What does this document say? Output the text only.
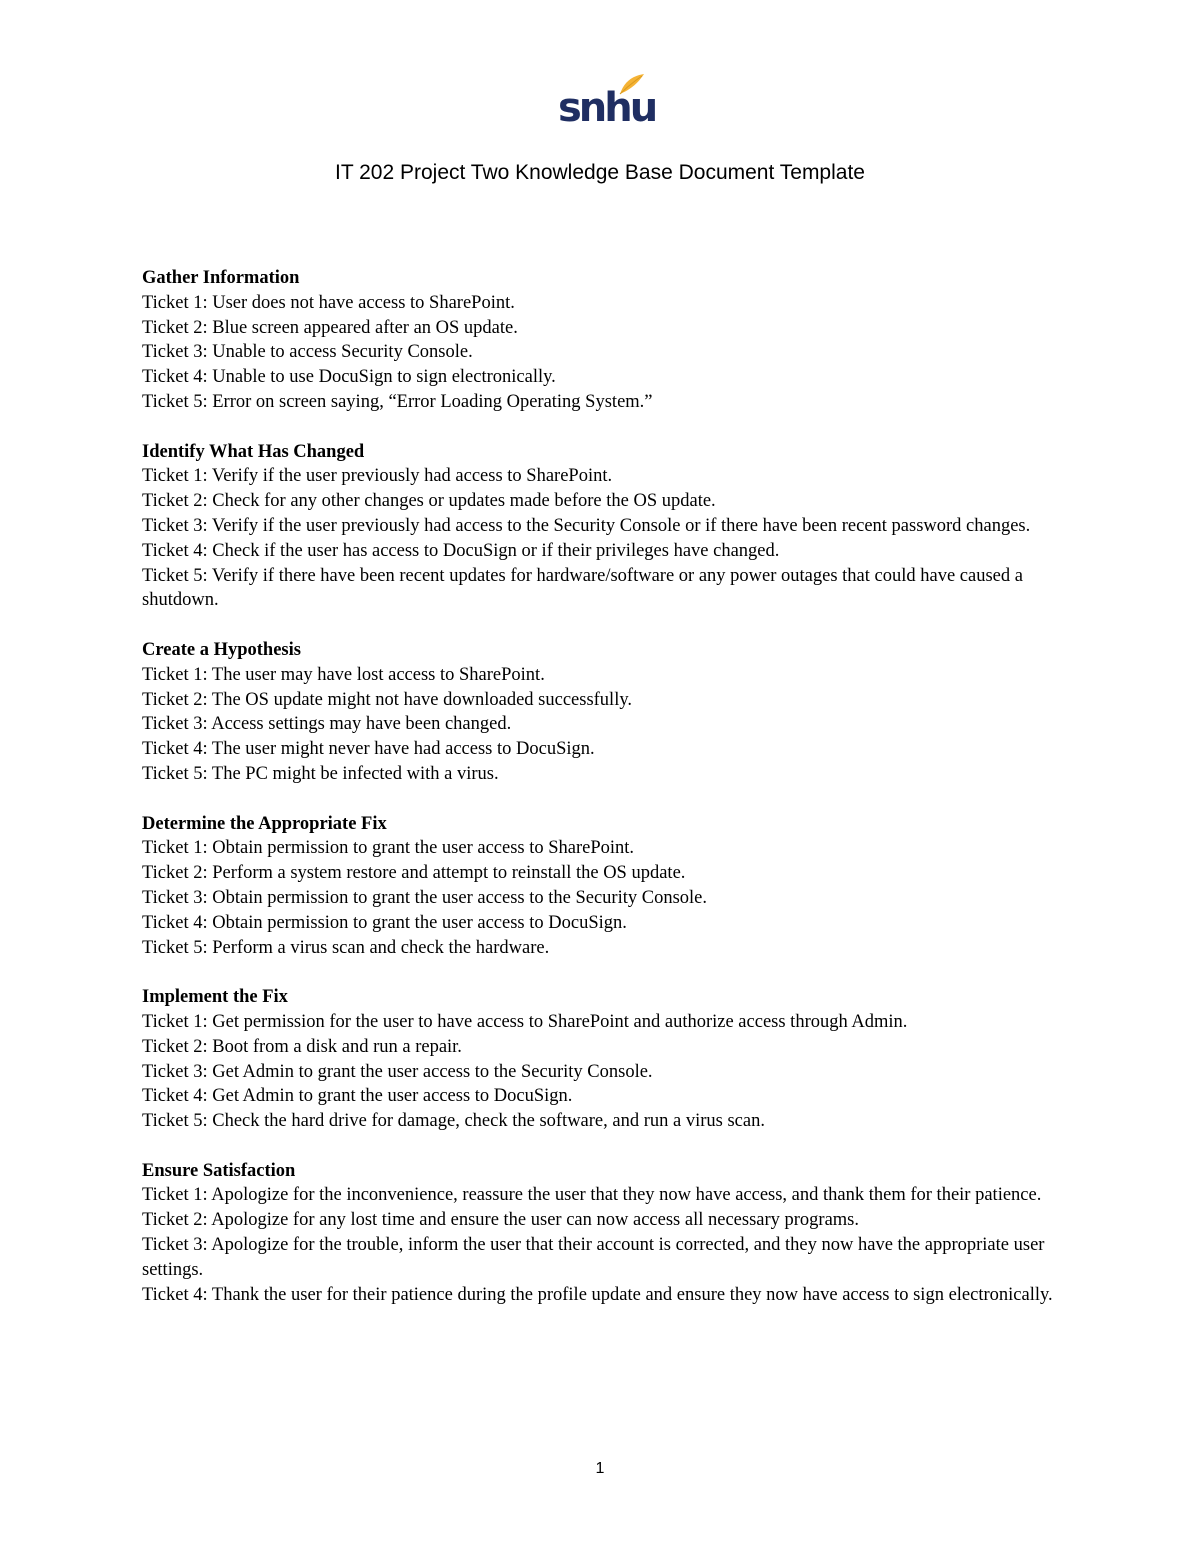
snhu
IT 202 Project Two Knowledge Base Document Template
Gather Information
Ticket 1: User does not have access to SharePoint.
Ticket 2: Blue screen appeared after an OS update.
Ticket 3: Unable to access Security Console.
Ticket 4: Unable to use DocuSign to sign electronically.
Ticket 5: Error on screen saying, “Error Loading Operating System.”
Identify What Has Changed
Ticket 1: Verify if the user previously had access to SharePoint.
Ticket 2: Check for any other changes or updates made before the OS update.
Ticket 3: Verify if the user previously had access to the Security Console or if there have been recent password changes.
Ticket 4: Check if the user has access to DocuSign or if their privileges have changed.
Ticket 5: Verify if there have been recent updates for hardware/software or any power outages that could have caused a shutdown.
Create a Hypothesis
Ticket 1: The user may have lost access to SharePoint.
Ticket 2: The OS update might not have downloaded successfully.
Ticket 3: Access settings may have been changed.
Ticket 4: The user might never have had access to DocuSign.
Ticket 5: The PC might be infected with a virus.
Determine the Appropriate Fix
Ticket 1: Obtain permission to grant the user access to SharePoint.
Ticket 2: Perform a system restore and attempt to reinstall the OS update.
Ticket 3: Obtain permission to grant the user access to the Security Console.
Ticket 4: Obtain permission to grant the user access to DocuSign.
Ticket 5: Perform a virus scan and check the hardware.
Implement the Fix
Ticket 1: Get permission for the user to have access to SharePoint and authorize access through Admin.
Ticket 2: Boot from a disk and run a repair.
Ticket 3: Get Admin to grant the user access to the Security Console.
Ticket 4: Get Admin to grant the user access to DocuSign.
Ticket 5: Check the hard drive for damage, check the software, and run a virus scan.
Ensure Satisfaction
Ticket 1: Apologize for the inconvenience, reassure the user that they now have access, and thank them for their patience.
Ticket 2: Apologize for any lost time and ensure the user can now access all necessary programs.
Ticket 3: Apologize for the trouble, inform the user that their account is corrected, and they now have the appropriate user settings.
Ticket 4: Thank the user for their patience during the profile update and ensure they now have access to sign electronically.
1
